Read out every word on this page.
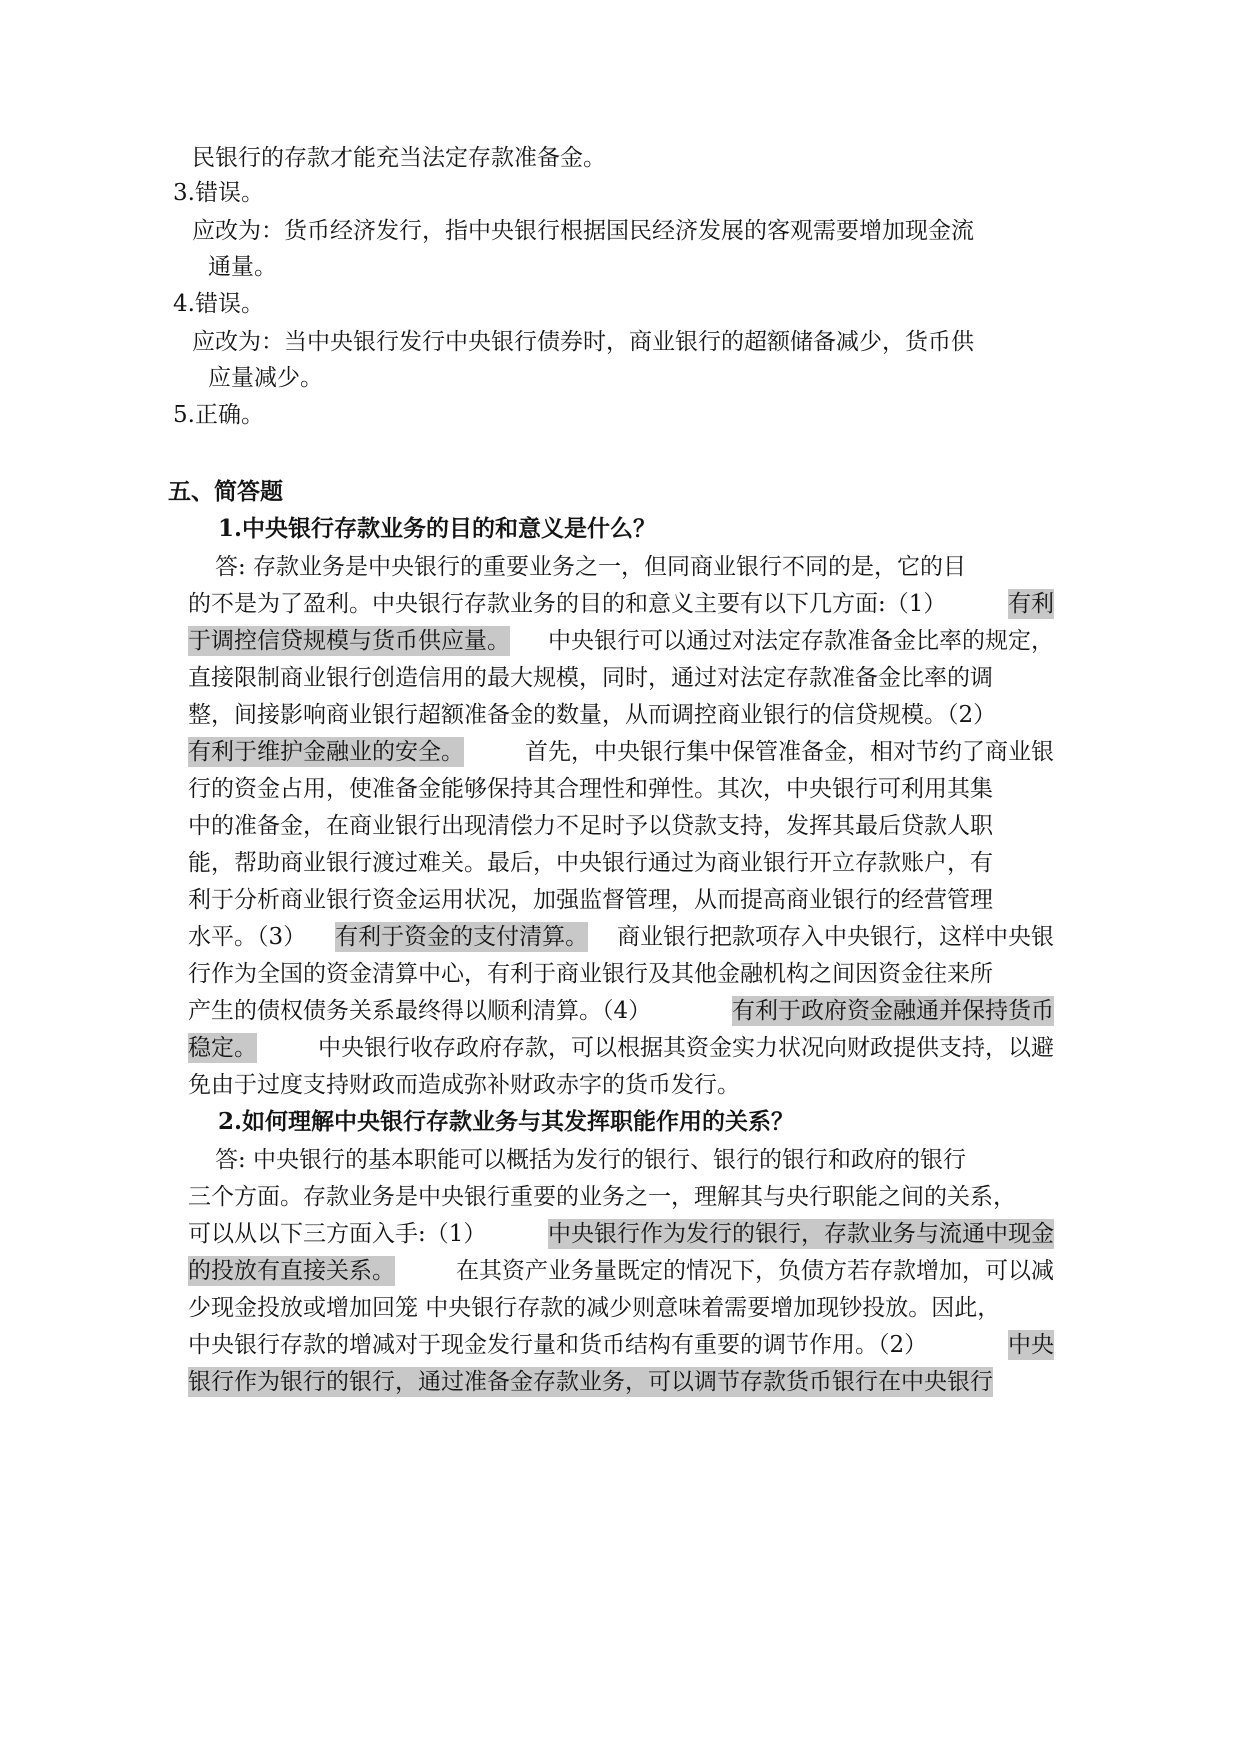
民银行的存款才能充当法定存款准备金。
3.错误。
应改为：货币经济发行，指中央银行根据国民经济发展的客观需要增加现金流
通量。
4.错误。
应改为：当中央银行发行中央银行债券时，商业银行的超额储备减少，货币供
应量减少。
5.正确。
五、简答题
1.中央银行存款业务的目的和意义是什么？
答: 存款业务是中央银行的重要业务之一，但同商业银行不同的是，它的目
的不是为了盈利。中央银行存款业务的目的和意义主要有以下几方面:（1）	有利
于调控信贷规模与货币供应量。 中央银行可以通过对法定存款准备金比率的规定，
直接限制商业银行创造信用的最大规模，同时，通过对法定存款准备金比率的调
整，间接影响商业银行超额准备金的数量，从而调控商业银行的信贷规模。（2）
有利于维护金融业的安全。	首先，中央银行集中保管准备金，相对节约了商业银
行的资金占用，使准备金能够保持其合理性和弹性。其次，中央银行可利用其集
中的准备金，在商业银行出现清偿力不足时予以贷款支持，发挥其最后贷款人职
能，帮助商业银行渡过难关。最后，中央银行通过为商业银行开立存款账户，有
利于分析商业银行资金运用状况，加强监督管理，从而提高商业银行的经营管理
水平。（3） 有利于资金的支付清算。 商业银行把款项存入中央银行，这样中央银
行作为全国的资金清算中心，有利于商业银行及其他金融机构之间因资金往来所
产生的债权债务关系最终得以顺利清算。（4）	有利于政府资金融通并保持货币
稳定。	中央银行收存政府存款，可以根据其资金实力状况向财政提供支持，以避
免由于过度支持财政而造成弥补财政赤字的货币发行。
2.如何理解中央银行存款业务与其发挥职能作用的关系？
答: 中央银行的基本职能可以概括为发行的银行、银行的银行和政府的银行
三个方面。存款业务是中央银行重要的业务之一，理解其与央行职能之间的关系，
可以从以下三方面入手:（1）	中央银行作为发行的银行，存款业务与流通中现金
的投放有直接关系。	在其资产业务量既定的情况下，负债方若存款增加，可以减
少现金投放或增加回笼 中央银行存款的减少则意味着需要增加现钞投放。因此，
中央银行存款的增减对于现金发行量和货币结构有重要的调节作用。（2）	中央
银行作为银行的银行，通过准备金存款业务，可以调节存款货币银行在中央银行
